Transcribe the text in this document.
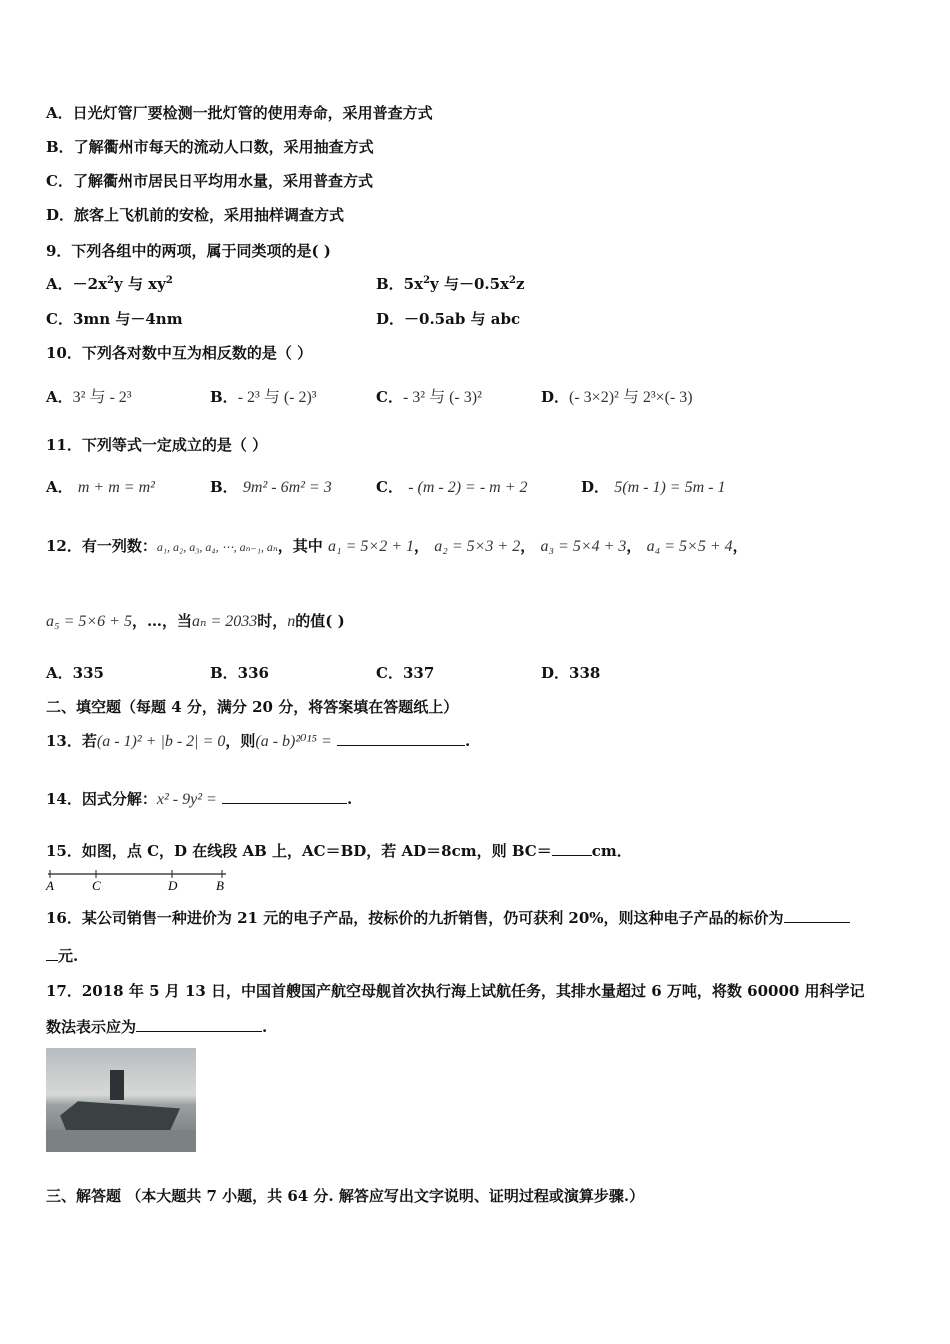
A．日光灯管厂要检测一批灯管的使用寿命，采用普查方式
B．了解衢州市每天的流动人口数，采用抽查方式
C．了解衢州市居民日平均用水量，采用普查方式
D．旅客上飞机前的安检，采用抽样调查方式
9．下列各组中的两项，属于同类项的是( )
A．$-2x^2y$ 与 $xy^2$	B．$5x^2y$ 与$-0.5x^2z$
C．3mn 与－4nm	D．－0.5ab 与 abc
10．下列各对数中互为相反数的是（ ）
A．3² 与 - 2³	B．- 2³ 与 (- 2)³	C．- 3² 与 (- 3)²	D．(- 3×2)² 与 2³×(- 3)
11．下列等式一定成立的是（ ）
A． m + m = m²	B． 9m² - 6m² = 3	C． - (m - 2) = - m + 2	D． 5(m - 1) = 5m - 1
12．有一列数：a₁, a₂, a₃, a₄, ⋯, aₙ₋₁, aₙ，其中 a₁ = 5×2 + 1， a₂ = 5×3 + 2， a₃ = 5×4 + 3， a₄ = 5×5 + 4，
a₅ = 5×6 + 5，…，当aₙ = 2033时，n的值( )
A．335	B．336	C．337	D．338
二、填空题（每题 4 分，满分 20 分，将答案填在答题纸上）
13．若(a - 1)² + |b - 2| = 0，则(a - b)²⁰¹⁵ =	.
14．因式分解：x² - 9y² =	.
15．如图，点 C，D 在线段 AB 上，AC＝BD，若 AD＝8cm，则 BC＝	cm．
A	C	D	B
16．某公司销售一种进价为 21 元的电子产品，按标价的九折销售，仍可获利 20%，则这种电子产品的标价为
元.
17．2018 年 5 月 13 日，中国首艘国产航空母舰首次执行海上试航任务，其排水量超过 6 万吨，将数 60000 用科学记
数法表示应为	.
三、解答题 （本大题共 7 小题，共 64 分. 解答应写出文字说明、证明过程或演算步骤.）
